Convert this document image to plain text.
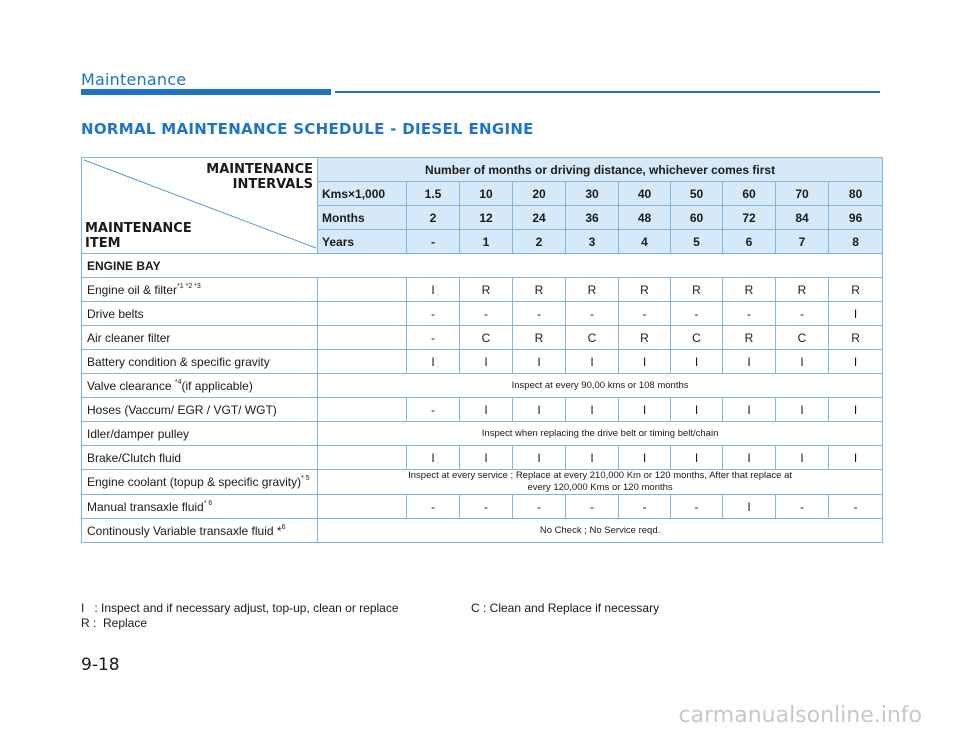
Maintenance
NORMAL MAINTENANCE SCHEDULE - DIESEL ENGINE
MAINTENANCE
INTERVALS
MAINTENANCE
ITEM	Number of months or driving distance, whichever comes first									
	Kms×1,000	1.5	10	20	30	40	50	60	70	80
	Months	2	12	24	36	48	60	72	84	96
	Years	-	1	2	3	4	5	6	7	8
ENGINE BAY										
Engine oil & filter$^{*1 *2 *3}$		I	R	R	R	R	R	R	R	R
Drive belts		-	-	-	-	-	-	-	-	I
Air cleaner filter		-	C	R	C	R	C	R	C	R
Battery condition & specific gravity		I	I	I	I	I	I	I	I	I
Valve clearance $^{*4}$(if applicable)	Inspect at every 90,00 kms or 108 months									
Hoses (Vaccum/ EGR / VGT/ WGT)		-	I	I	I	I	I	I	I	I
Idler/damper pulley	Inspect when replacing the drive belt or timing belt/chain									
Brake/Clutch fluid		I	I	I	I	I	I	I	I	I
Engine coolant (topup & specific gravity)$^{* 5}$	Inspect at every service ; Replace at every 210,000 Km or 120 months, After that replace at every 120,000 Kms or 120 months									
Manual transaxle fluid$^{* 6}$		-	-	-	-	-	-	I	-	-
Continously Variable transaxle fluid *$^6$	No Check ; No Service reqd.									
I   : Inspect and if necessary adjust, top-up, clean or replace
R :  Replace
C : Clean and Replace if necessary
9-18
carmanualsonline.info
